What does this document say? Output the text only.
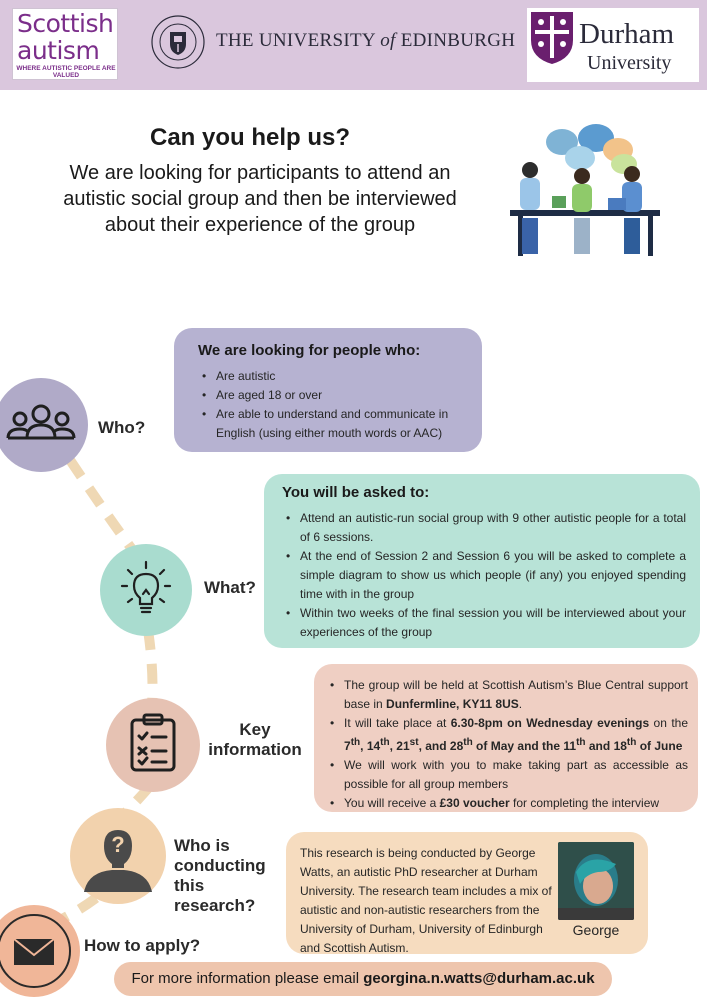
Scottish
autism
WHERE AUTISTIC PEOPLE ARE VALUED
THE UNIVERSITY of EDINBURGH Durham
University
Can you help us?
We are looking for participants to attend an autistic social group and then be interviewed about their experience of the group
Who?
We are looking for people who:
• Are autistic
• Are aged 18 or over
• Are able to understand and communicate in English (using either mouth words or AAC)
What?
You will be asked to:
• Attend an autistic-run social group with 9 other autistic people for a total of 6 sessions.
• At the end of Session 2 and Session 6 you will be asked to complete a simple diagram to show us which people (if any) you enjoyed spending time with in the group
• Within two weeks of the final session you will be interviewed about your experiences of the group
Key
information
• The group will be held at Scottish Autism’s Blue Central support base in Dunfermline, KY11 8US.
• It will take place at 6.30-8pm on Wednesday evenings on the 7th, 14th, 21st, and 28th of May and the 11th and 18th of June
• We will work with you to make taking part as accessible as possible for all group members
• You will receive a £30 voucher for completing the interview
?	Who is
conducting
this
research?
This research is being conducted by George Watts, an autistic PhD researcher at Durham University. The research team includes a mix of autistic and non-autistic researchers from the University of Durham, University of Edinburgh and Scottish Autism.
George
How to apply?
For more information please email georgina.n.watts@durham.ac.uk
